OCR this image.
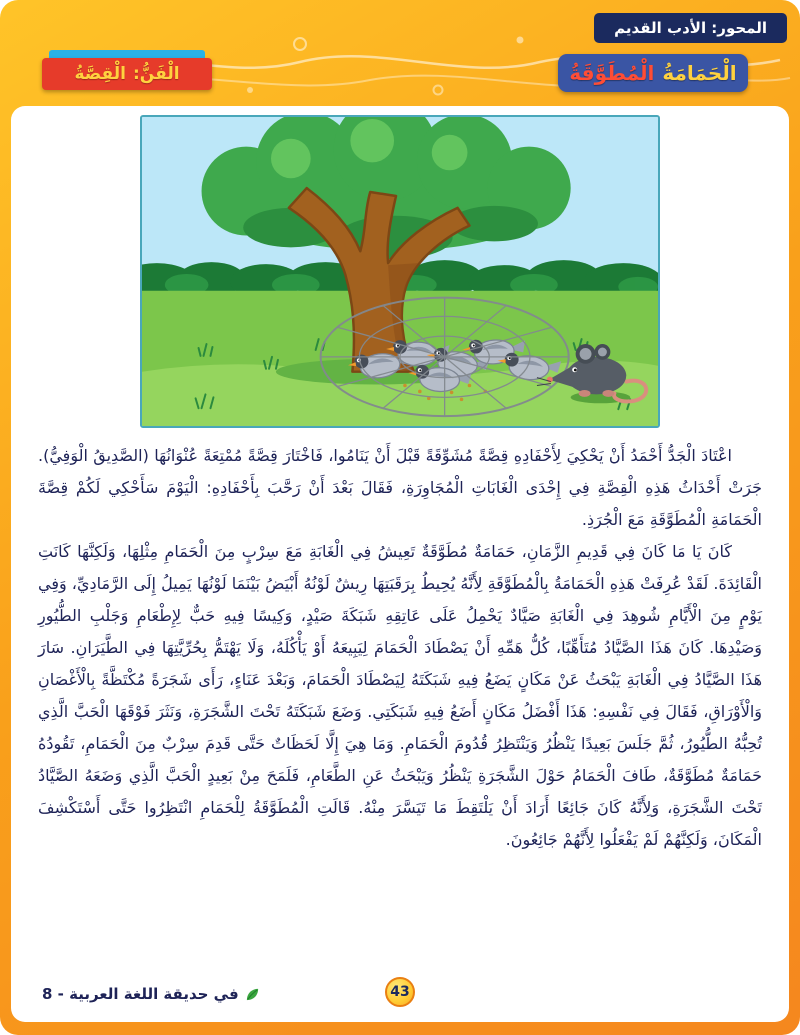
المحور: الأدب القديم
الْحَمَامَةُ
الْمُطَوَّقَةُ
الْفَنُّ:
الْقِصَّةُ

اعْتَادَ الْجَدُّ أَحْمَدُ أَنْ يَحْكِيَ لِأَحْفَادِهِ قِصَّةً مُشَوِّقَةً قَبْلَ أَنْ يَنَامُوا، فَاخْتَارَ قِصَّةً مُمْتِعَةً عُنْوَانُهَا (الصَّدِيقُ الْوَفِيُّ). جَرَتْ أَحْدَاثُ هَذِهِ الْقِصَّةِ فِي إِحْدَى الْغَابَاتِ الْمُجَاوِرَةِ، فَقَالَ بَعْدَ أَنْ رَحَّبَ بِأَحْفَادِهِ: الْيَوْمَ سَأَحْكِي لَكُمْ قِصَّةَ الْحَمَامَةِ الْمُطَوَّقَةِ مَعَ الْجُرَذِ.

كَانَ يَا مَا كَانَ فِي قَدِيمِ الزَّمَانِ، حَمَامَةٌ مُطَوَّقَةٌ تَعِيشُ فِي الْغَابَةِ مَعَ سِرْبٍ مِنَ الْحَمَامِ مِثْلِهَا، وَلَكِنَّهَا كَانَتِ الْقَائِدَةَ. لَقَدْ عُرِفَتْ هَذِهِ الْحَمَامَةُ بِالْمُطَوَّقَةِ لِأَنَّهُ يُحِيطُ بِرَقَبَتِهَا رِيشٌ لَوْنُهُ أَبْيَضُ بَيْنَمَا لَوْنُهَا يَمِيلُ إِلَى الرَّمَادِيِّ، وَفِي يَوْمٍ مِنَ الْأَيَّامِ شُوهِدَ فِي الْغَابَةِ صَيَّادٌ يَحْمِلُ عَلَى عَاتِقِهِ شَبَكَةَ صَيْدٍ، وَكِيسًا فِيهِ حَبٌّ لِإِطْعَامِ وَجَلْبِ الطُّيُورِ وَصَيْدِهَا. كَانَ هَذَا الصَّيَّادُ مُتَأَهِّبًا، كُلُّ هَمِّهِ أَنْ يَصْطَادَ الْحَمَامَ لِيَبِيعَهُ أَوْ يَأْكُلَهُ، وَلَا يَهْتَمُّ بِحُرِّيَّتِهَا فِي الطَّيَرَانِ. سَارَ هَذَا الصَّيَّادُ فِي الْغَابَةِ يَبْحَثُ عَنْ مَكَانٍ يَضَعُ فِيهِ شَبَكَتَهُ لِيَصْطَادَ الْحَمَامَ، وَبَعْدَ عَنَاءٍ، رَأَى شَجَرَةً مُكْتَظَّةً بِالْأَغْصَانِ وَالْأَوْرَاقِ، فَقَالَ فِي نَفْسِهِ: هَذَا أَفْضَلُ مَكَانٍ أَضَعُ فِيهِ شَبَكَتِي. وَضَعَ شَبَكَتَهُ تَحْتَ الشَّجَرَةِ، وَنَثَرَ فَوْقَهَا الْحَبَّ الَّذِي تُحِبُّهُ الطُّيُورُ، ثُمَّ جَلَسَ بَعِيدًا يَنْظُرُ وَيَنْتَظِرُ قُدُومَ الْحَمَامِ. وَمَا هِيَ إِلَّا لَحَظَاتٌ حَتَّى قَدِمَ سِرْبٌ مِنَ الْحَمَامِ، تَقُودُهُ حَمَامَةٌ مُطَوَّقَةٌ، طَافَ الْحَمَامُ حَوْلَ الشَّجَرَةِ يَنْظُرُ وَيَبْحَثُ عَنِ الطَّعَامِ، فَلَمَحَ مِنْ بَعِيدٍ الْحَبَّ الَّذِي وَضَعَهُ الصَّيَّادُ تَحْتَ الشَّجَرَةِ، وَلِأَنَّهُ كَانَ جَائِعًا أَرَادَ أَنْ يَلْتَقِطَ مَا تَيَسَّرَ مِنْهُ. قَالَتِ الْمُطَوَّقَةُ لِلْحَمَامِ انْتَظِرُوا حَتَّى أَسْتَكْشِفَ الْمَكَانَ، وَلَكِنَّهُمْ لَمْ يَفْعَلُوا لِأَنَّهُمْ جَائِعُونَ.

في حديقة اللغة العربية - 8	43
